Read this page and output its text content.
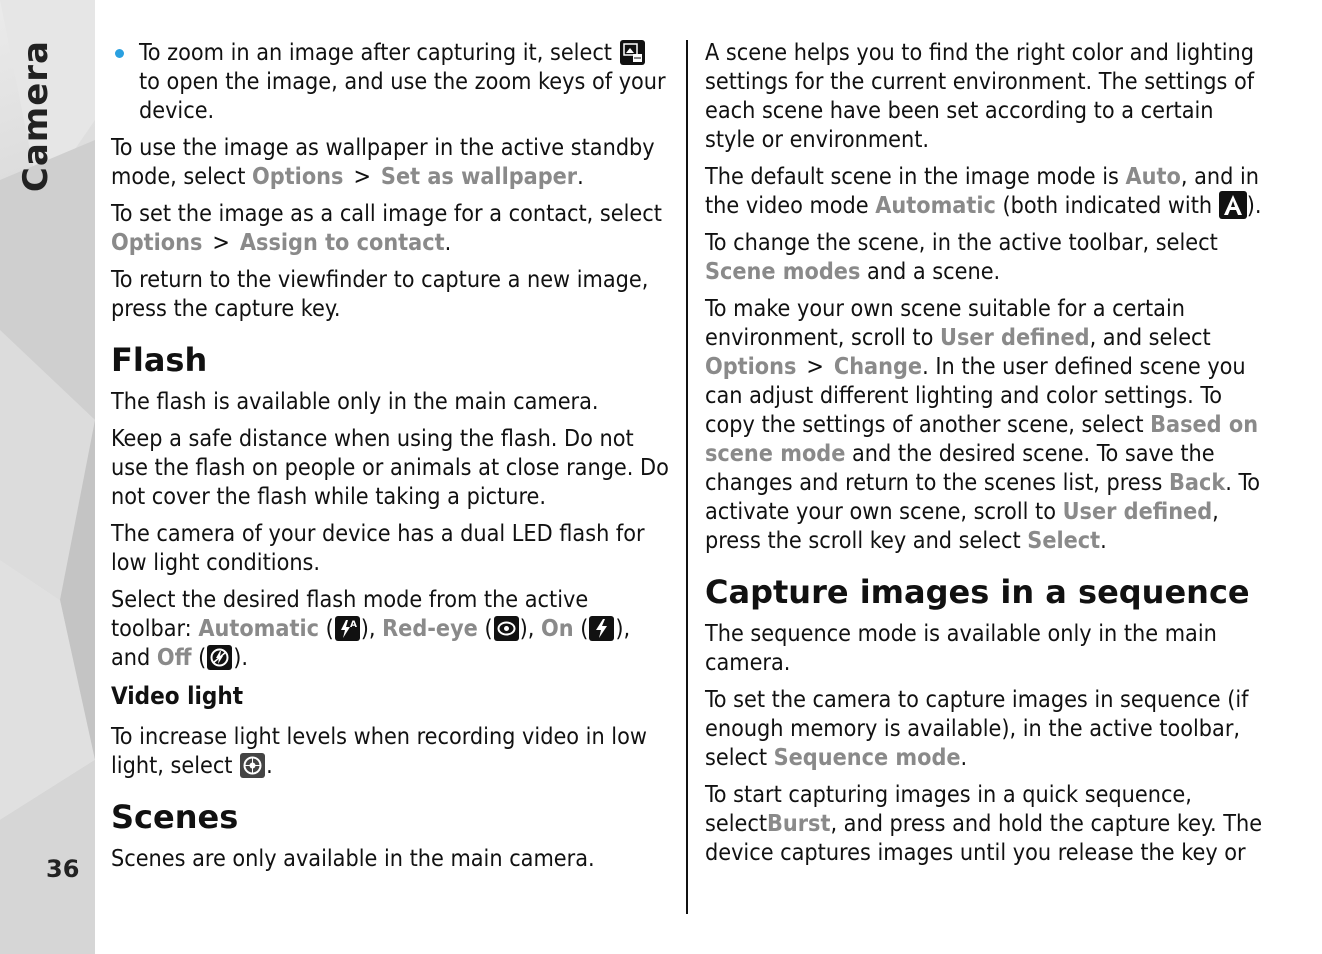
Camera
36

To zoom in an image after capturing it, select
to open the image, and use the zoom keys of your device.

To use the image as wallpaper in the active standby mode, select Options > Set as wallpaper.

To set the image as a call image for a contact, select Options > Assign to contact.

To return to the viewfinder to capture a new image, press the capture key.

Flash

The flash is available only in the main camera.

Keep a safe distance when using the flash. Do not use the flash on people or animals at close range. Do not cover the flash while taking a picture.

The camera of your device has a dual LED flash for low light conditions.

Select the desired flash mode from the active toolbar: Automatic ( A ), Red-eye ( ), On ( ), and Off ( ).

Video light

To increase light levels when recording video in low light, select
.

Scenes

Scenes are only available in the main camera.

A scene helps you to find the right color and lighting settings for the current environment. The settings of each scene have been set according to a certain style or environment.

The default scene in the image mode is Auto, and in the video mode Automatic (both indicated with
).

To change the scene, in the active toolbar, select Scene modes and a scene.

To make your own scene suitable for a certain environment, scroll to User defined, and select Options > Change. In the user defined scene you can adjust different lighting and color settings. To copy the settings of another scene, select Based on scene mode and the desired scene. To save the changes and return to the scenes list, press Back. To activate your own scene, scroll to User defined, press the scroll key and select Select.

Capture images in a sequence

The sequence mode is available only in the main camera.

To set the camera to capture images in sequence (if enough memory is available), in the active toolbar, select Sequence mode.

To start capturing images in a quick sequence, selectBurst, and press and hold the capture key. The device captures images until you release the key or
